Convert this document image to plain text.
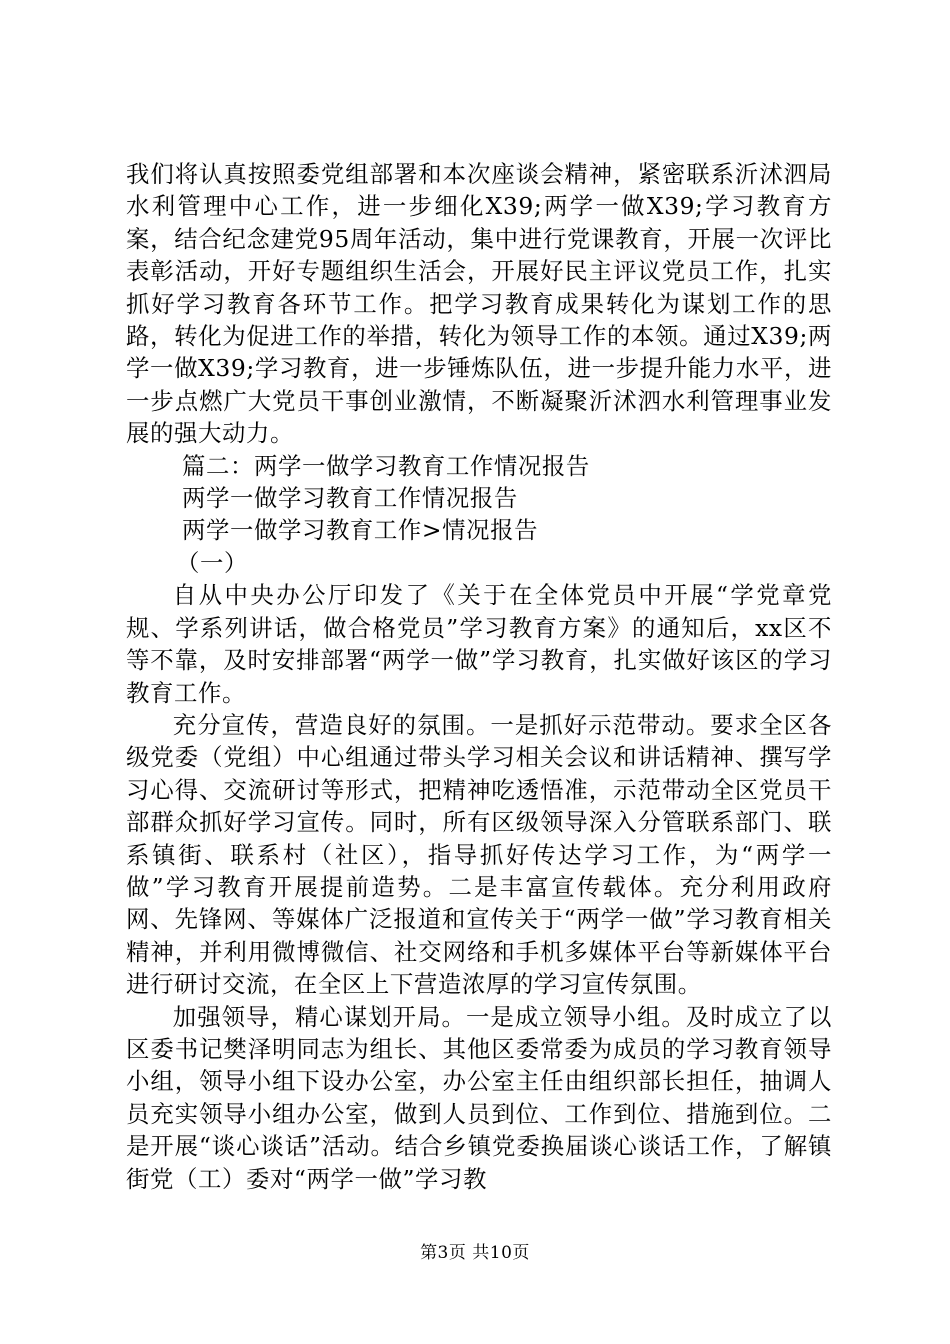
我们将认真按照委党组部署和本次座谈会精神，紧密联系沂沭泗局水利管理中心工作，进一步细化X39;两学一做X39;学习教育方案，结合纪念建党95周年活动，集中进行党课教育，开展一次评比表彰活动，开好专题组织生活会，开展好民主评议党员工作，扎实抓好学习教育各环节工作。把学习教育成果转化为谋划工作的思路，转化为促进工作的举措，转化为领导工作的本领。通过X39;两学一做X39;学习教育，进一步锤炼队伍，进一步提升能力水平，进一步点燃广大党员干事创业激情，不断凝聚沂沭泗水利管理事业发展的强大动力。

篇二：两学一做学习教育工作情况报告

两学一做学习教育工作情况报告

两学一做学习教育工作>情况报告

（一）

自从中央办公厅印发了《关于在全体党员中开展“学党章党规、学系列讲话，做合格党员”学习教育方案》的通知后，xx区不等不靠，及时安排部署“两学一做”学习教育，扎实做好该区的学习教育工作。

充分宣传，营造良好的氛围。一是抓好示范带动。要求全区各级党委（党组）中心组通过带头学习相关会议和讲话精神、撰写学习心得、交流研讨等形式，把精神吃透悟准，示范带动全区党员干部群众抓好学习宣传。同时，所有区级领导深入分管联系部门、联系镇街、联系村（社区），指导抓好传达学习工作，为“两学一做”学习教育开展提前造势。二是丰富宣传载体。充分利用政府网、先锋网、等媒体广泛报道和宣传关于“两学一做”学习教育相关精神，并利用微博微信、社交网络和手机多媒体平台等新媒体平台进行研讨交流，在全区上下营造浓厚的学习宣传氛围。

加强领导，精心谋划开局。一是成立领导小组。及时成立了以区委书记樊泽明同志为组长、其他区委常委为成员的学习教育领导小组，领导小组下设办公室，办公室主任由组织部长担任，抽调人员充实领导小组办公室，做到人员到位、工作到位、措施到位。二是开展“谈心谈话”活动。结合乡镇党委换届谈心谈话工作，了解镇街党（工）委对“两学一做”学习教

第3页 共10页
